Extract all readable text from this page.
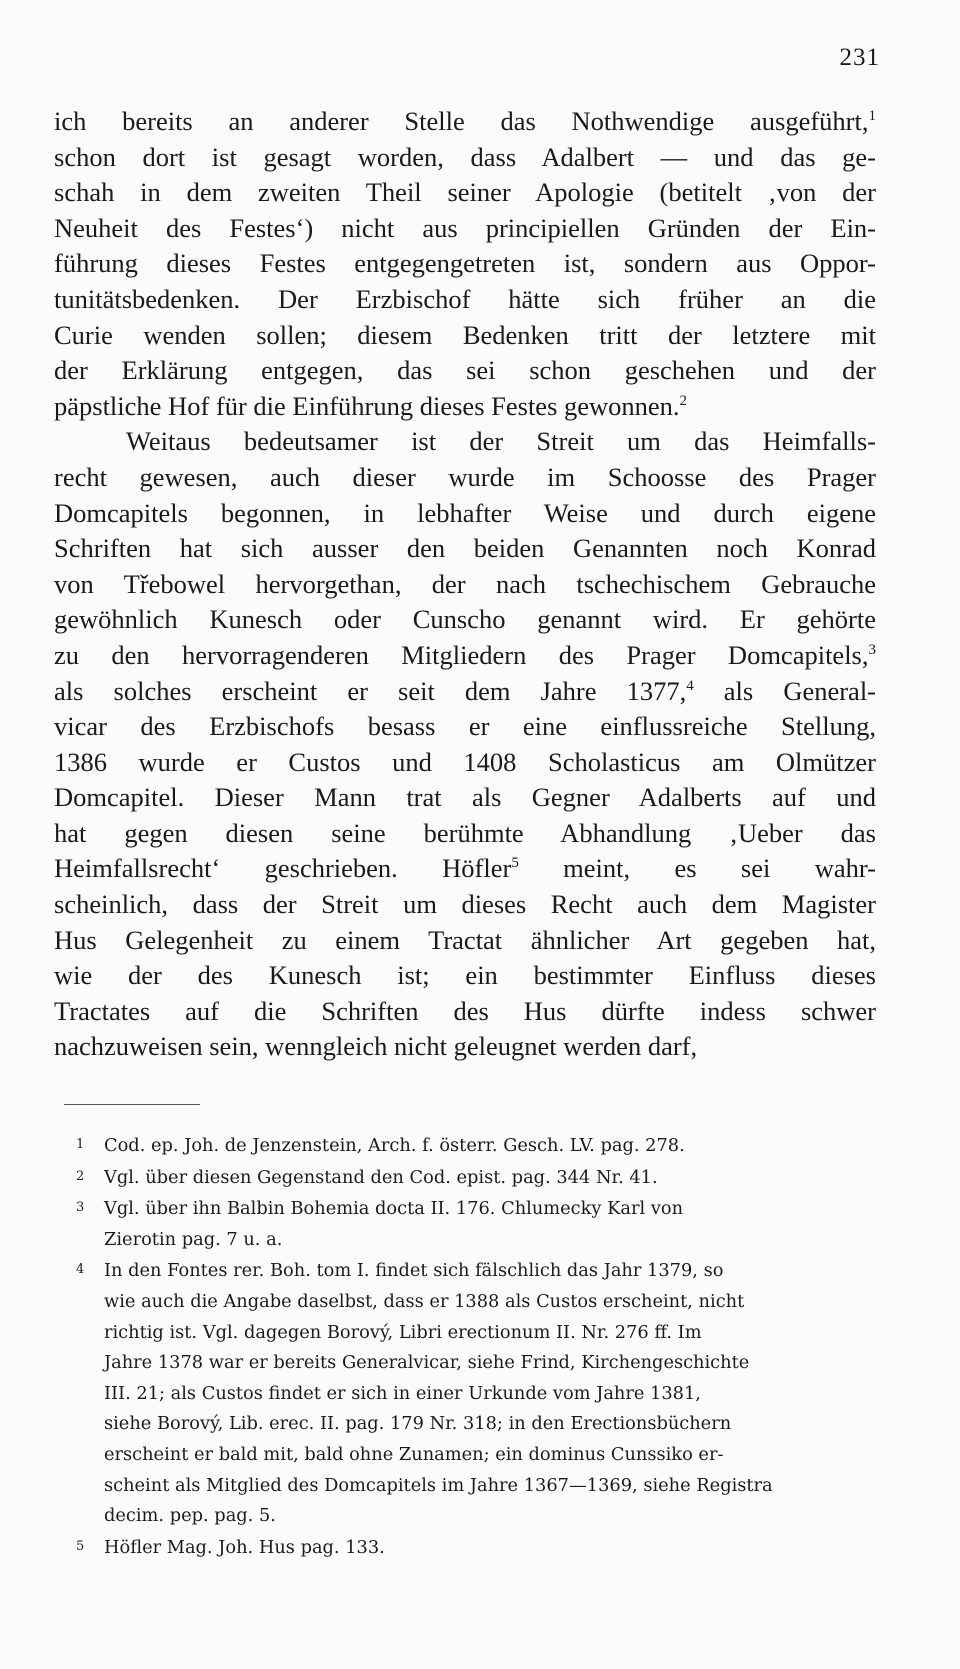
231
ich bereits an anderer Stelle das Nothwendige ausgeführt,$^1$
schon dort ist gesagt worden, dass Adalbert — und das ge-
schah in dem zweiten Theil seiner Apologie (betitelt ‚von der
Neuheit des Festes‘) nicht aus principiellen Gründen der Ein-
führung dieses Festes entgegengetreten ist, sondern aus Oppor-
tunitätsbedenken. Der Erzbischof hätte sich früher an die
Curie wenden sollen; diesem Bedenken tritt der letztere mit
der Erklärung entgegen, das sei schon geschehen und der
päpstliche Hof für die Einführung dieses Festes gewonnen.$^2$
Weitaus bedeutsamer ist der Streit um das Heimfalls-
recht gewesen, auch dieser wurde im Schoosse des Prager
Domcapitels begonnen, in lebhafter Weise und durch eigene
Schriften hat sich ausser den beiden Genannten noch Konrad
von Třebowel hervorgethan, der nach tschechischem Gebrauche
gewöhnlich Kunesch oder Cunscho genannt wird. Er gehörte
zu den hervorragenderen Mitgliedern des Prager Domcapitels,$^3$
als solches erscheint er seit dem Jahre 1377,$^4$ als General-
vicar des Erzbischofs besass er eine einflussreiche Stellung,
1386 wurde er Custos und 1408 Scholasticus am Olmützer
Domcapitel. Dieser Mann trat als Gegner Adalberts auf und
hat gegen diesen seine berühmte Abhandlung ‚Ueber das
Heimfallsrecht‘ geschrieben. Höfler$^5$ meint, es sei wahr-
scheinlich, dass der Streit um dieses Recht auch dem Magister
Hus Gelegenheit zu einem Tractat ähnlicher Art gegeben hat,
wie der des Kunesch ist; ein bestimmter Einfluss dieses
Tractates auf die Schriften des Hus dürfte indess schwer
nachzuweisen sein, wenngleich nicht geleugnet werden darf,
1 Cod. ep. Joh. de Jenzenstein, Arch. f. österr. Gesch. LV. pag. 278.
2 Vgl. über diesen Gegenstand den Cod. epist. pag. 344 Nr. 41.
3 Vgl. über ihn Balbin Bohemia docta II. 176. Chlumecky Karl von
Zierotin pag. 7 u. a.
4 In den Fontes rer. Boh. tom I. findet sich fälschlich das Jahr 1379, so
wie auch die Angabe daselbst, dass er 1388 als Custos erscheint, nicht
richtig ist. Vgl. dagegen Borový, Libri erectionum II. Nr. 276 ff. Im
Jahre 1378 war er bereits Generalvicar, siehe Frind, Kirchengeschichte
III. 21; als Custos findet er sich in einer Urkunde vom Jahre 1381,
siehe Borový, Lib. erec. II. pag. 179 Nr. 318; in den Erectionsbüchern
erscheint er bald mit, bald ohne Zunamen; ein dominus Cunssiko er-
scheint als Mitglied des Domcapitels im Jahre 1367—1369, siehe Registra
decim. pep. pag. 5.
5 Höfler Mag. Joh. Hus pag. 133.
